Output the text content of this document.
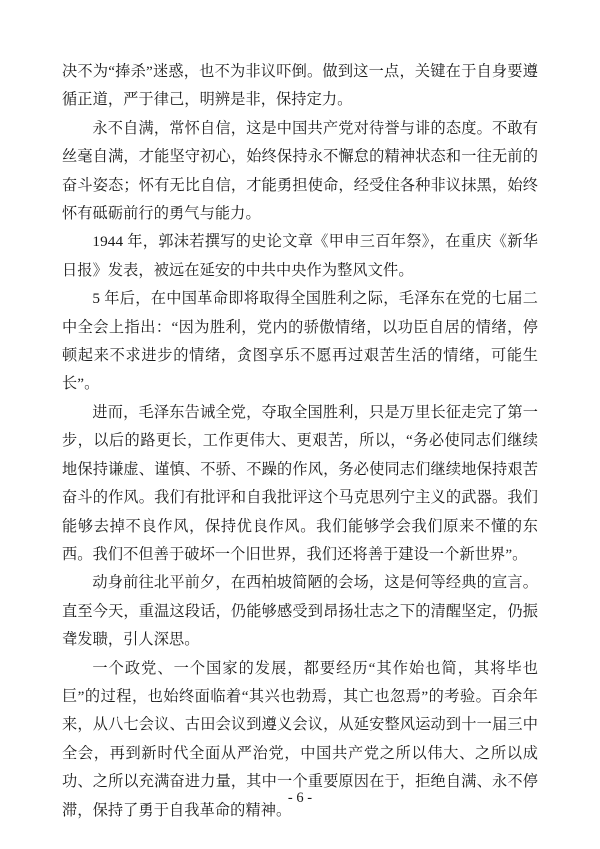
决不为“捧杀”迷惑，也不为非议吓倒。做到这一点，关键在于自身要遵循正道，严于律己，明辨是非，保持定力。

永不自满，常怀自信，这是中国共产党对待誉与诽的态度。不敢有丝毫自满，才能坚守初心，始终保持永不懈怠的精神状态和一往无前的奋斗姿态；怀有无比自信，才能勇担使命，经受住各种非议抹黑，始终怀有砥砺前行的勇气与能力。

1944 年，郭沫若撰写的史论文章《甲申三百年祭》，在重庆《新华日报》发表，被远在延安的中共中央作为整风文件。

5 年后，在中国革命即将取得全国胜利之际，毛泽东在党的七届二中全会上指出：“因为胜利，党内的骄傲情绪，以功臣自居的情绪，停顿起来不求进步的情绪，贪图享乐不愿再过艰苦生活的情绪，可能生长”。

进而，毛泽东告诫全党，夺取全国胜利，只是万里长征走完了第一步，以后的路更长，工作更伟大、更艰苦，所以，“务必使同志们继续地保持谦虚、谨慎、不骄、不躁的作风，务必使同志们继续地保持艰苦奋斗的作风。我们有批评和自我批评这个马克思列宁主义的武器。我们能够去掉不良作风，保持优良作风。我们能够学会我们原来不懂的东西。我们不但善于破坏一个旧世界，我们还将善于建设一个新世界”。

动身前往北平前夕，在西柏坡简陋的会场，这是何等经典的宣言。直至今天，重温这段话，仍能够感受到昂扬壮志之下的清醒坚定，仍振聋发聩，引人深思。

一个政党、一个国家的发展，都要经历“其作始也简，其将毕也巨”的过程，也始终面临着“其兴也勃焉，其亡也忽焉”的考验。百余年来，从八七会议、古田会议到遵义会议，从延安整风运动到十一届三中全会，再到新时代全面从严治党，中国共产党之所以伟大、之所以成功、之所以充满奋进力量，其中一个重要原因在于，拒绝自满、永不停滞，保持了勇于自我革命的精神。

- 6 -
